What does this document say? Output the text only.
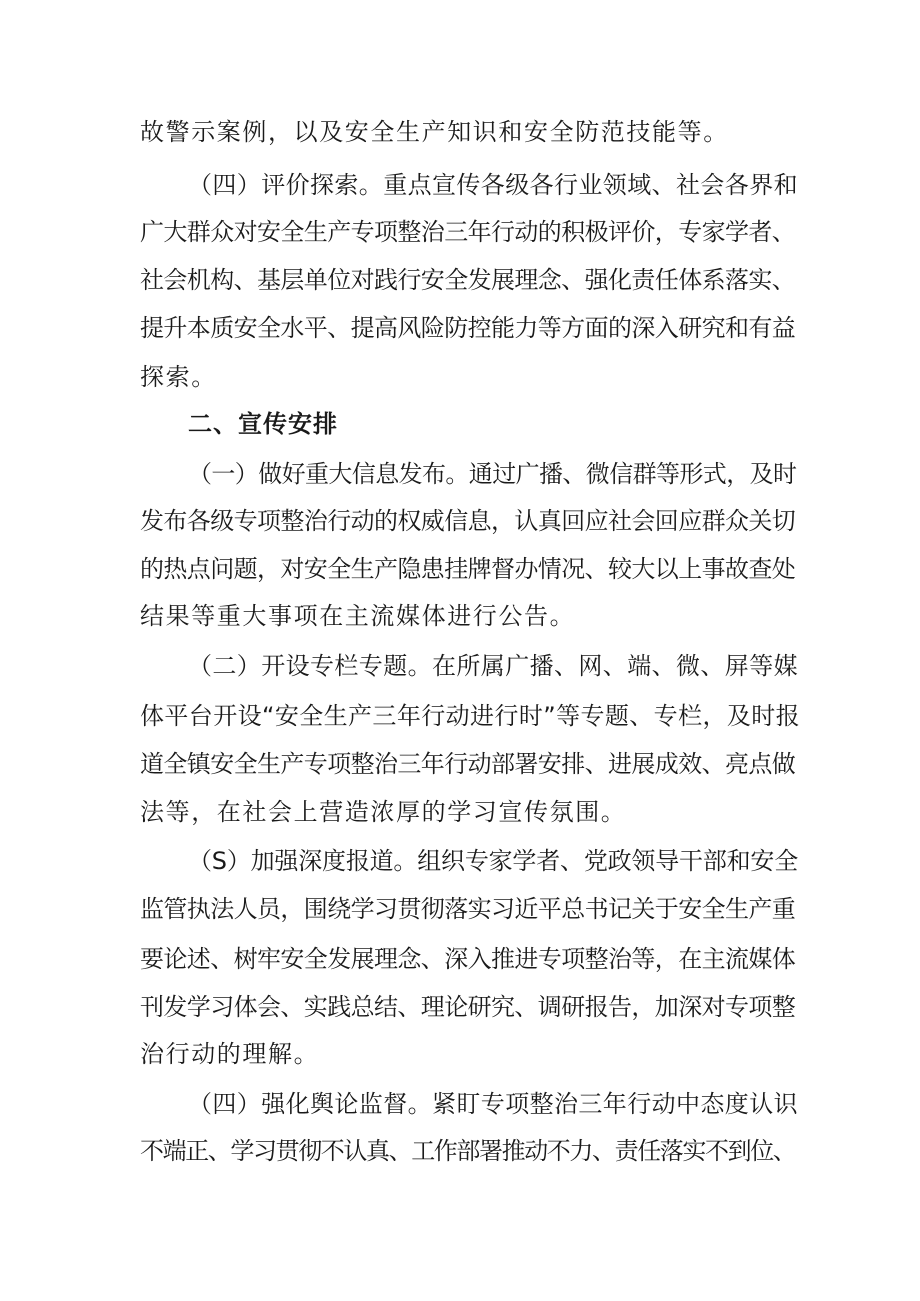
故警示案例，以及安全生产知识和安全防范技能等。
（四）评价探索。重点宣传各级各行业领域、社会各界和
广大群众对安全生产专项整治三年行动的积极评价，专家学者、
社会机构、基层单位对践行安全发展理念、强化责任体系落实、
提升本质安全水平、提高风险防控能力等方面的深入研究和有益
探索。
二、宣传安排
（一）做好重大信息发布。通过广播、微信群等形式，及时
发布各级专项整治行动的权威信息，认真回应社会回应群众关切
的热点问题，对安全生产隐患挂牌督办情况、较大以上事故查处
结果等重大事项在主流媒体进行公告。
（二）开设专栏专题。在所属广播、网、端、微、屏等媒
体平台开设“安全生产三年行动进行时”等专题、专栏，及时报
道全镇安全生产专项整治三年行动部署安排、进展成效、亮点做
法等，在社会上营造浓厚的学习宣传氛围。
（S）加强深度报道。组织专家学者、党政领导干部和安全
监管执法人员，围绕学习贯彻落实习近平总书记关于安全生产重
要论述、树牢安全发展理念、深入推进专项整治等，在主流媒体
刊发学习体会、实践总结、理论研究、调研报告，加深对专项整
治行动的理解。
（四）强化舆论监督。紧盯专项整治三年行动中态度认识
不端正、学习贯彻不认真、工作部署推动不力、责任落实不到位、
